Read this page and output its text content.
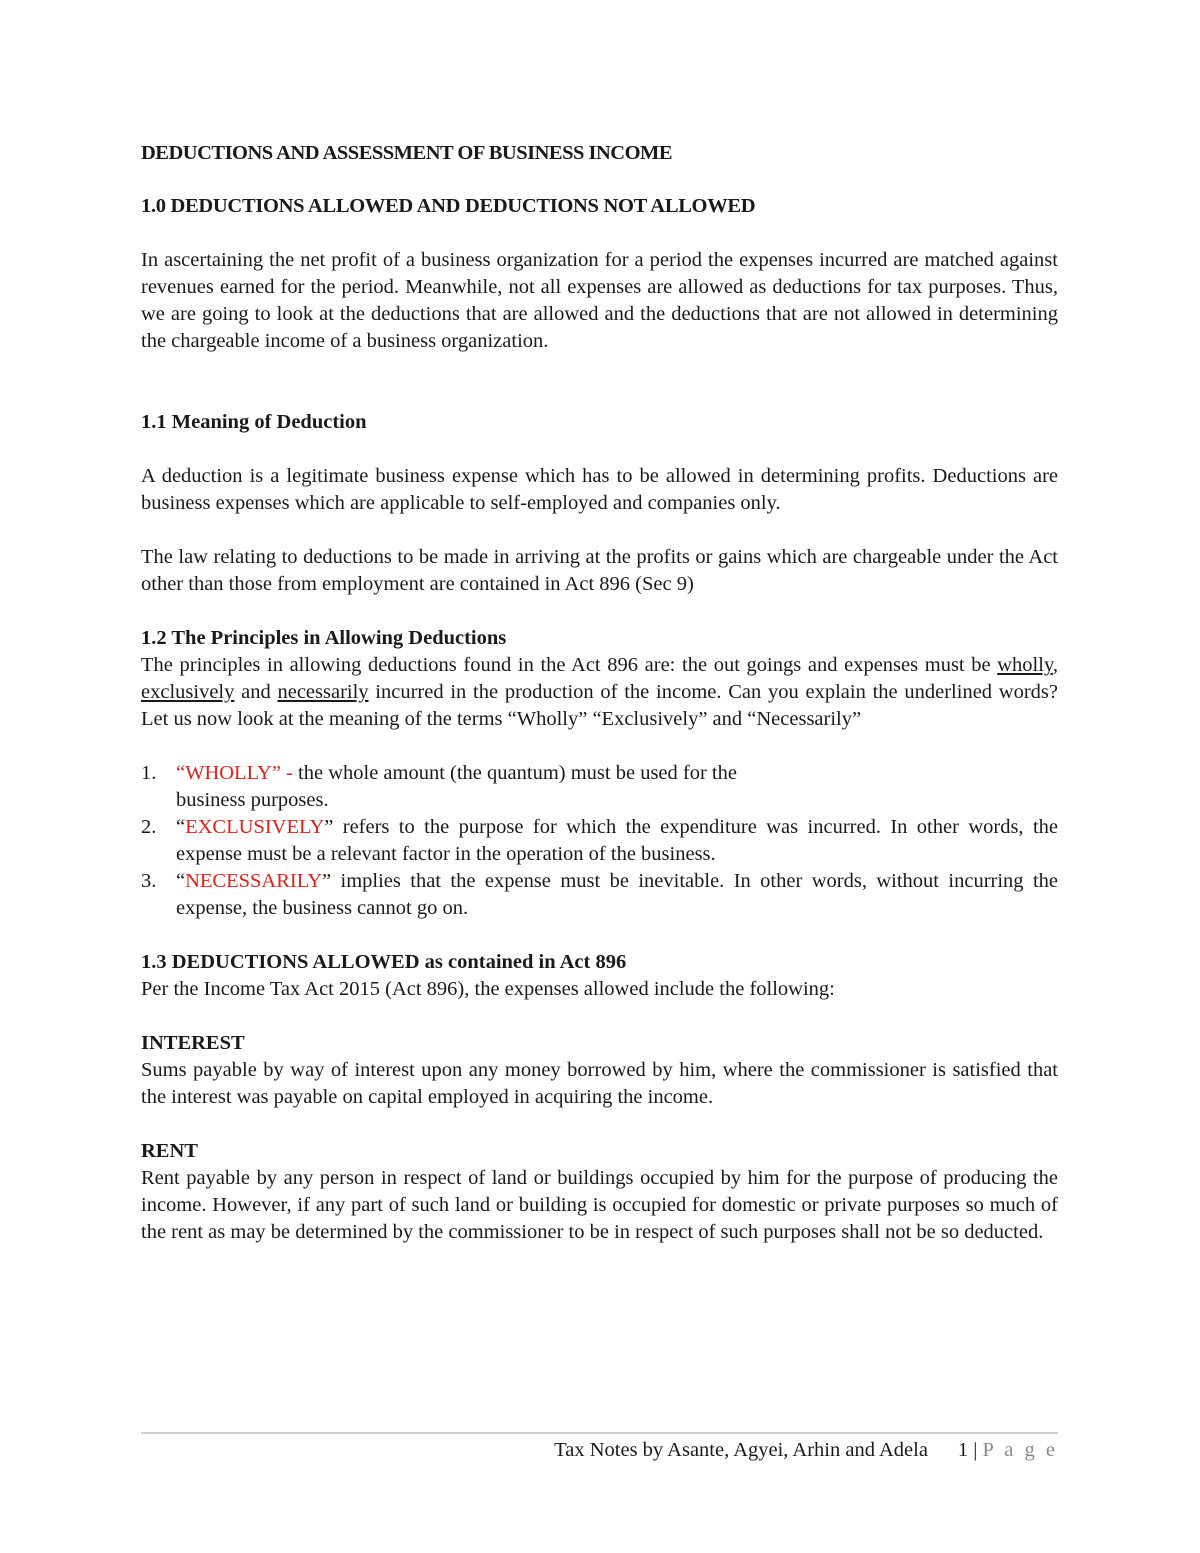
DEDUCTIONS AND ASSESSMENT OF BUSINESS INCOME

1.0 DEDUCTIONS ALLOWED AND DEDUCTIONS NOT ALLOWED

In ascertaining the net profit of a business organization for a period the expenses incurred are matched against revenues earned for the period. Meanwhile, not all expenses are allowed as deductions for tax purposes. Thus, we are going to look at the deductions that are allowed and the deductions that are not allowed in determining the chargeable income of a business organization.

1.1 Meaning of Deduction

A deduction is a legitimate business expense which has to be allowed in determining profits. Deductions are business expenses which are applicable to self-employed and companies only.

The law relating to deductions to be made in arriving at the profits or gains which are chargeable under the Act other than those from employment are contained in Act 896 (Sec 9)

1.2 The Principles in Allowing Deductions

The principles in allowing deductions found in the Act 896 are: the out goings and expenses must be wholly, exclusively and necessarily incurred in the production of the income. Can you explain the underlined words? Let us now look at the meaning of the terms “Wholly” “Exclusively” and “Necessarily”

1. “WHOLLY” - the whole amount (the quantum) must be used for the
business purposes.
2. “EXCLUSIVELY” refers to the purpose for which the expenditure was incurred. In other words, the expense must be a relevant factor in the operation of the business.
3. “NECESSARILY” implies that the expense must be inevitable. In other words, without incurring the expense, the business cannot go on.

1.3 DEDUCTIONS ALLOWED as contained in Act 896

Per the Income Tax Act 2015 (Act 896), the expenses allowed include the following:

INTEREST

Sums payable by way of interest upon any money borrowed by him, where the commissioner is satisfied that the interest was payable on capital employed in acquiring the income.

RENT

Rent payable by any person in respect of land or buildings occupied by him for the purpose of producing the income. However, if any part of such land or building is occupied for domestic or private purposes so much of the rent as may be determined by the commissioner to be in respect of such purposes shall not be so deducted.

Tax Notes by Asante, Agyei, Arhin and Adela 1 | P a g e
